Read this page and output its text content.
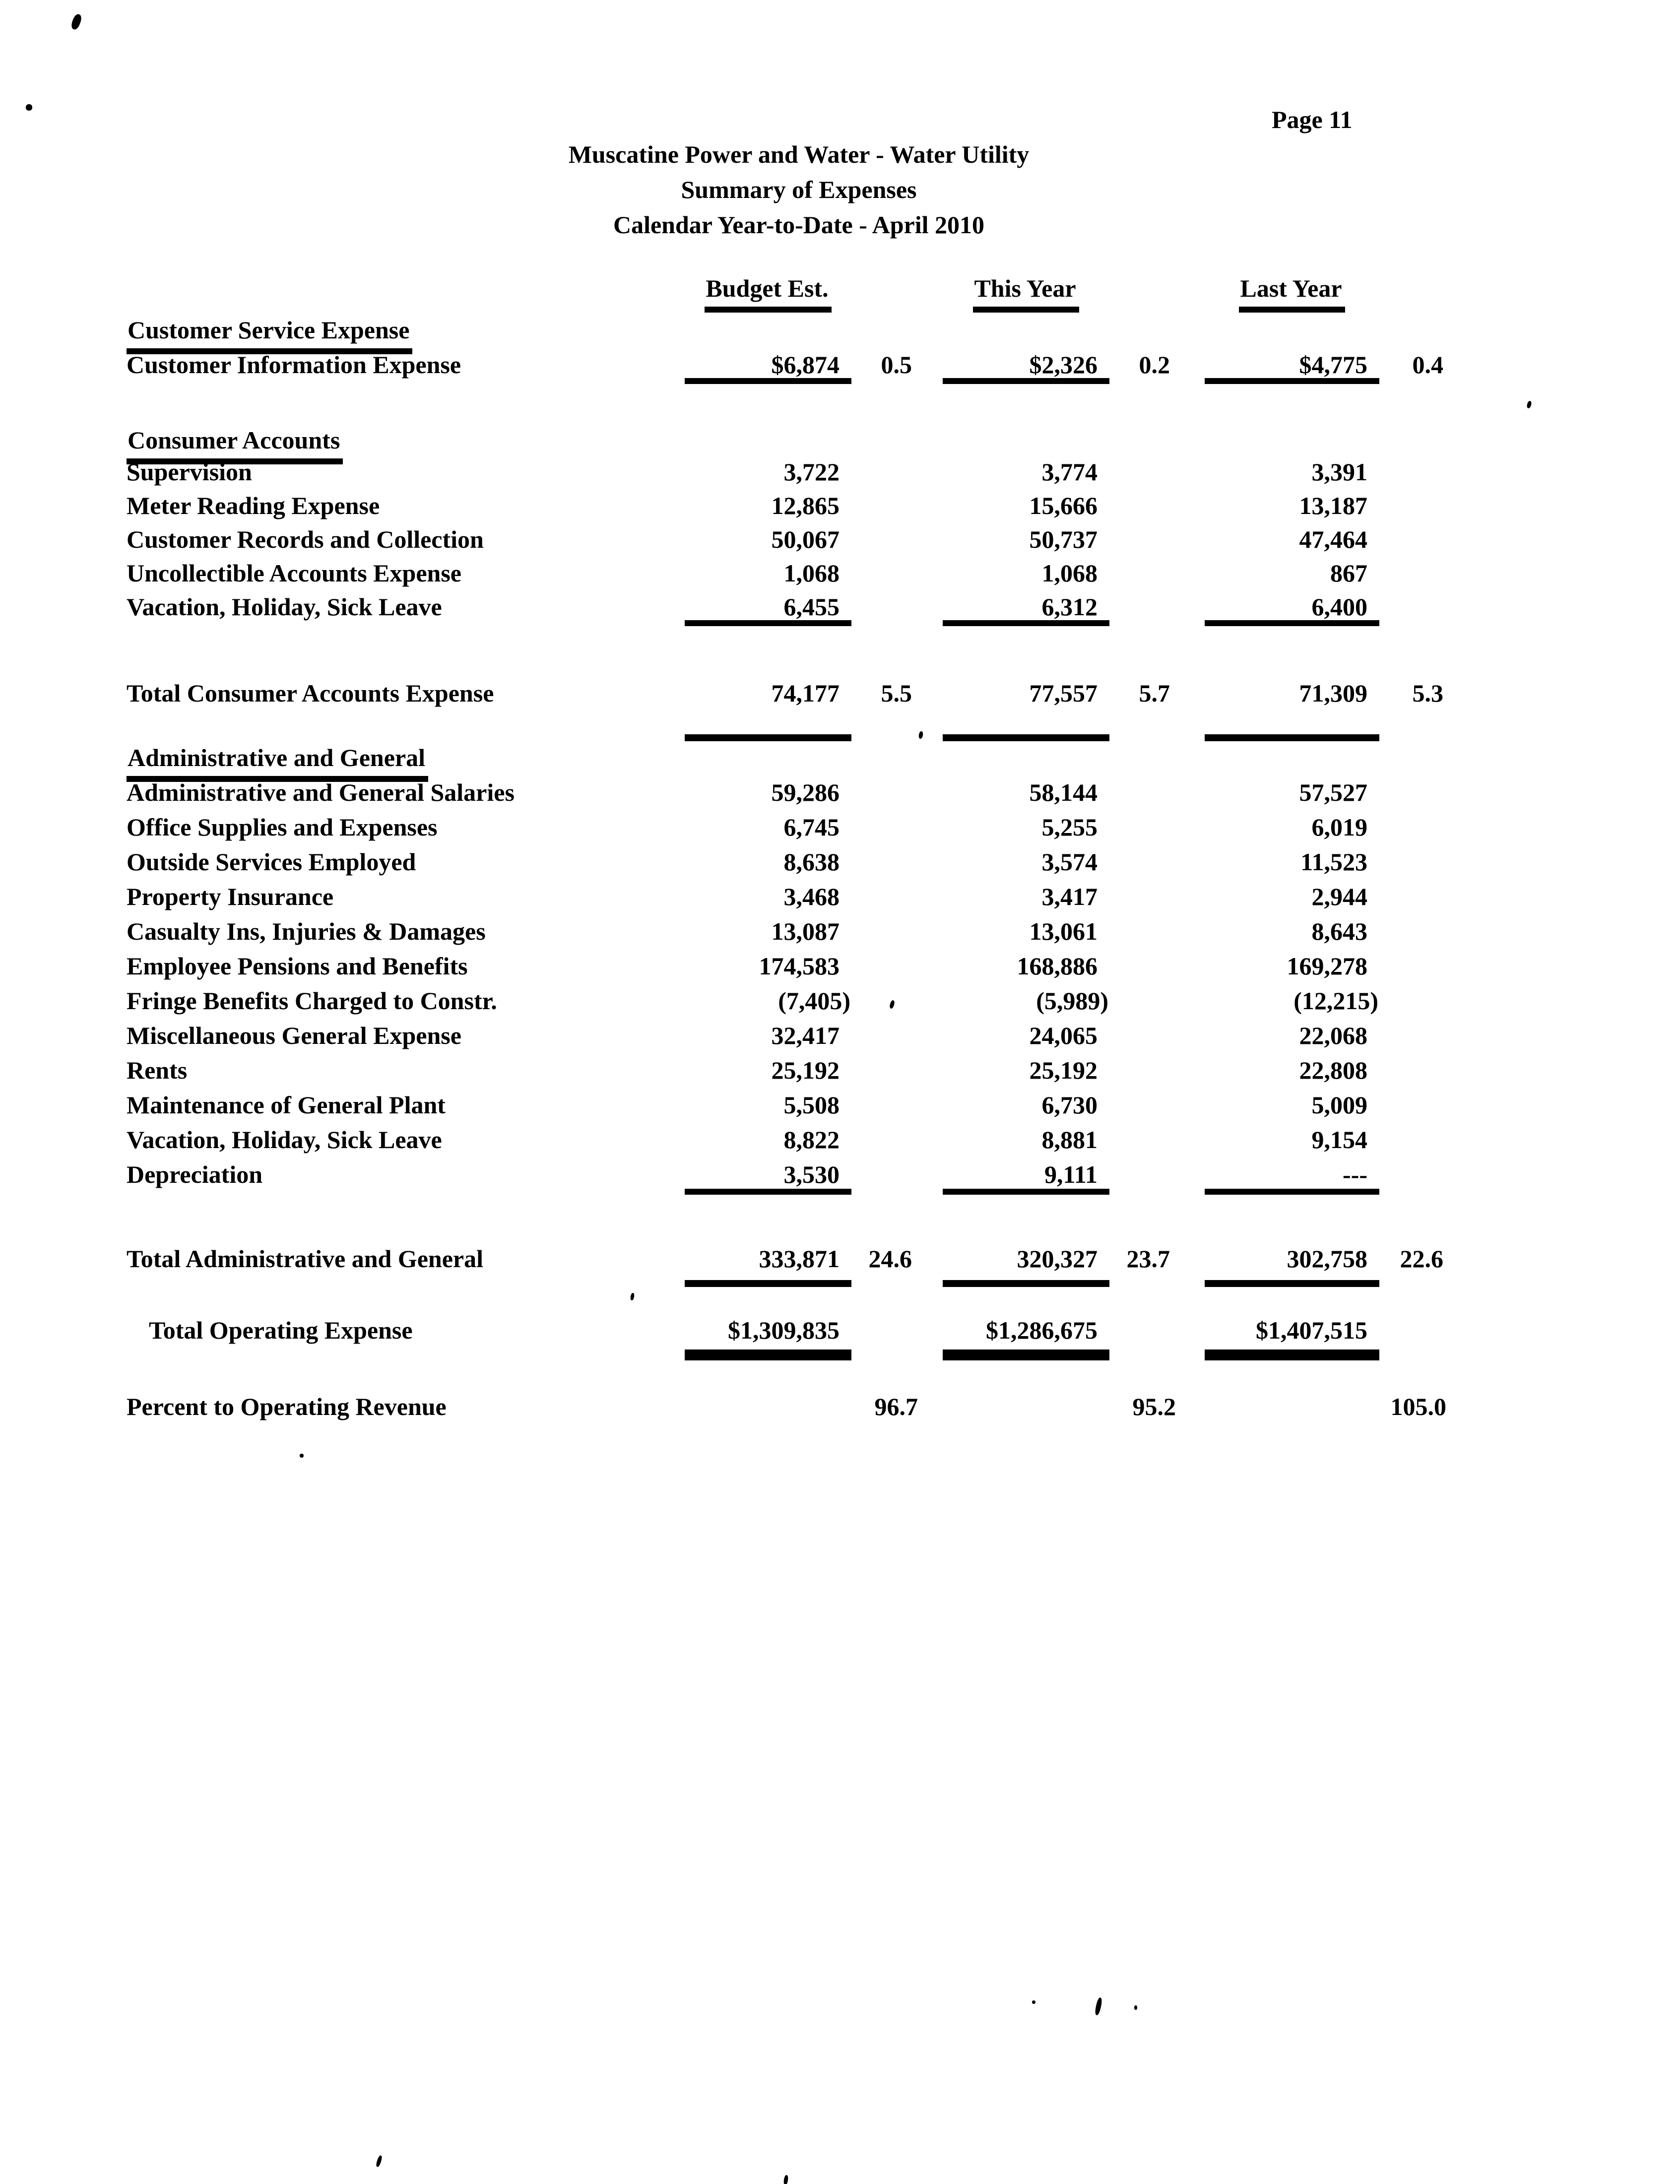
Page 11
Muscatine Power and Water - Water Utility
Summary of Expenses
Calendar Year-to-Date - April 2010
Budget Est.	This Year	Last Year
Customer Service Expense
Customer Information Expense	$6,874	0.5	$2,326	0.2	$4,775	0.4
Consumer Accounts
Supervision	3,722	3,774	3,391
Meter Reading Expense	12,865	15,666	13,187
Customer Records and Collection	50,067	50,737	47,464
Uncollectible Accounts Expense	1,068	1,068	867
Vacation, Holiday, Sick Leave	6,455	6,312	6,400
Total Consumer Accounts Expense	74,177	5.5	77,557	5.7	71,309	5.3
Administrative and General
Administrative and General Salaries	59,286	58,144	57,527
Office Supplies and Expenses	6,745	5,255	6,019
Outside Services Employed	8,638	3,574	11,523
Property Insurance	3,468	3,417	2,944
Casualty Ins, Injuries & Damages	13,087	13,061	8,643
Employee Pensions and Benefits	174,583	168,886	169,278
Fringe Benefits Charged to Constr.	(7,405)	(5,989)	(12,215)
Miscellaneous General Expense	32,417	24,065	22,068
Rents	25,192	25,192	22,808
Maintenance of General Plant	5,508	6,730	5,009
Vacation, Holiday, Sick Leave	8,822	8,881	9,154
Depreciation	3,530	9,111	---
Total Administrative and General	333,871	24.6	320,327	23.7	302,758	22.6
Total Operating Expense	$1,309,835	$1,286,675	$1,407,515
Percent to Operating Revenue	96.7	95.2	105.0
